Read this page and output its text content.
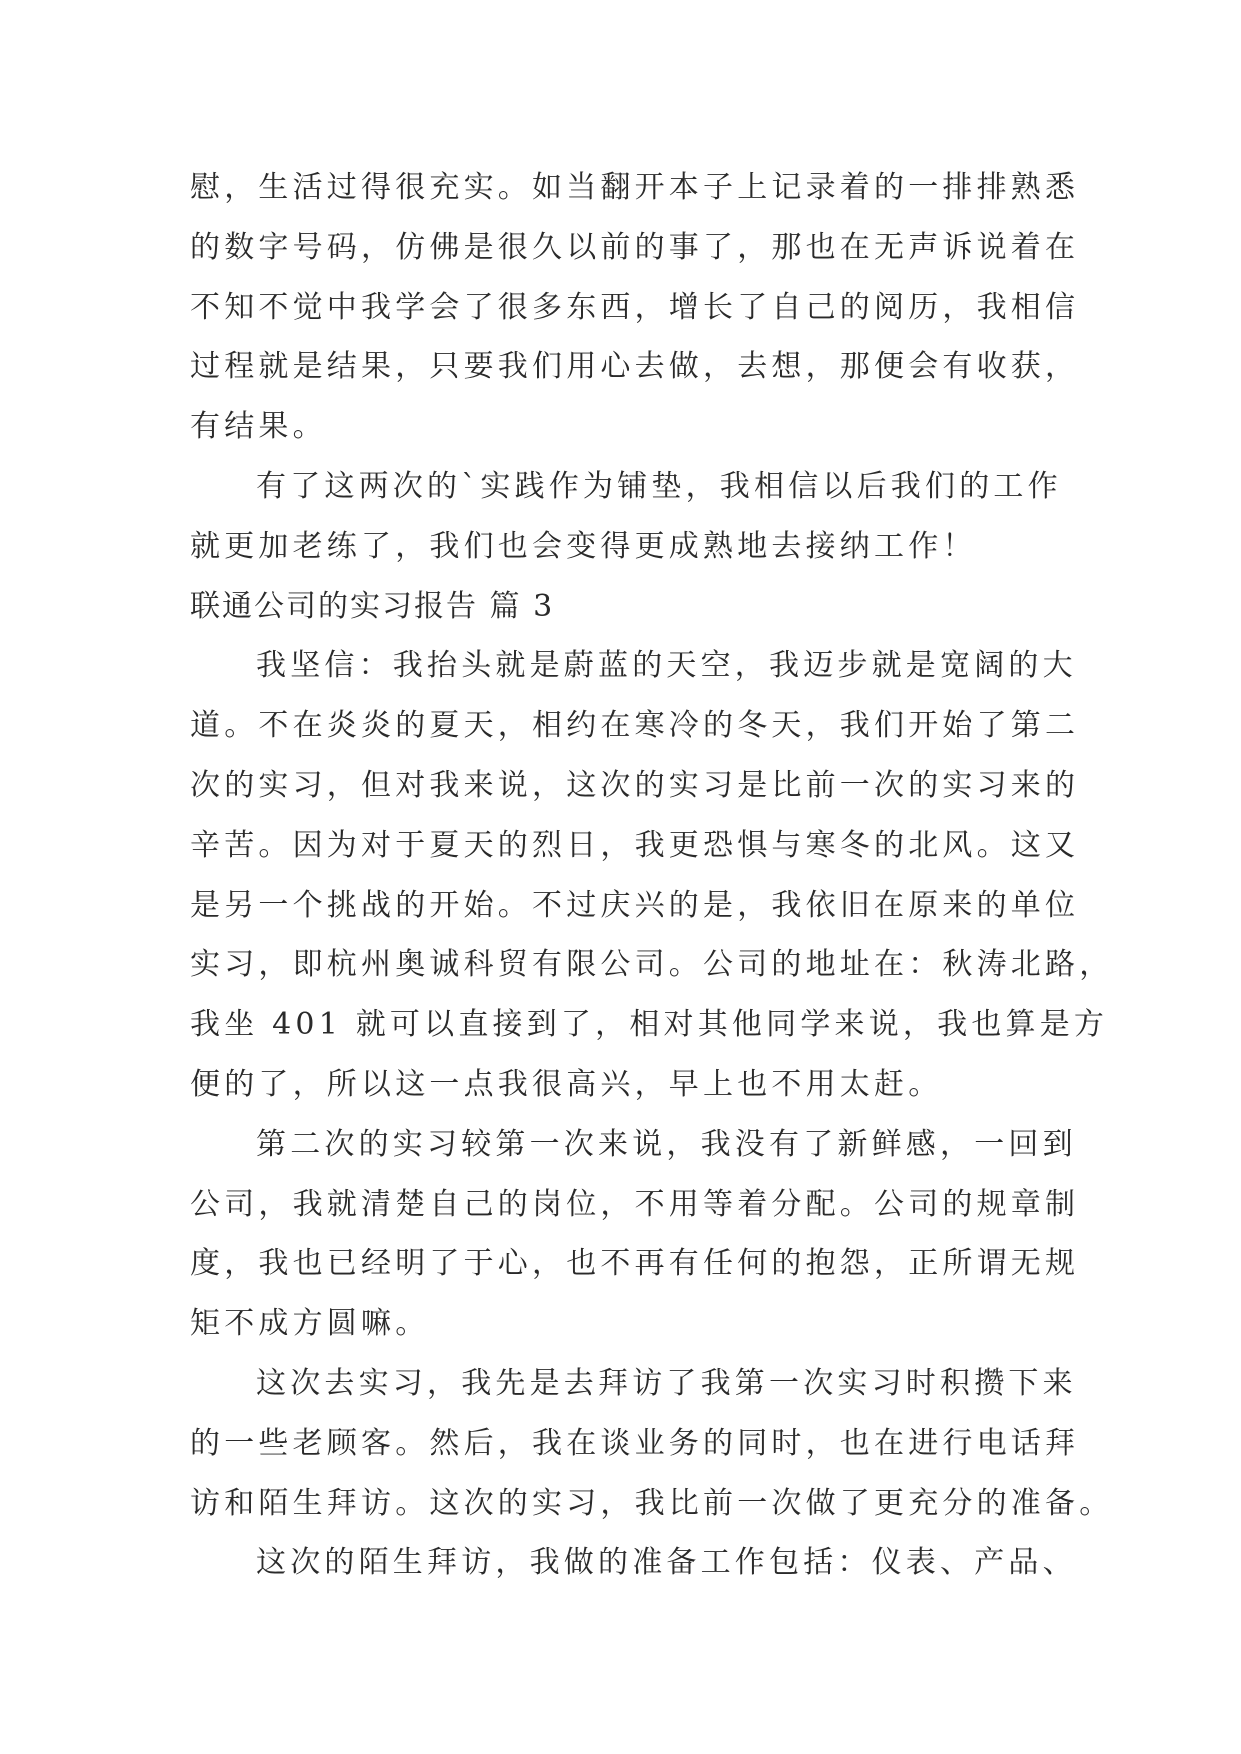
慰，生活过得很充实。如当翻开本子上记录着的一排排熟悉
的数字号码，仿佛是很久以前的事了，那也在无声诉说着在
不知不觉中我学会了很多东西，增长了自己的阅历，我相信
过程就是结果，只要我们用心去做，去想，那便会有收获，
有结果。

有了这两次的`实践作为铺垫，我相信以后我们的工作
就更加老练了，我们也会变得更成熟地去接纳工作！

联通公司的实习报告 篇 3

我坚信：我抬头就是蔚蓝的天空，我迈步就是宽阔的大
道。不在炎炎的夏天，相约在寒冷的冬天，我们开始了第二
次的实习，但对我来说，这次的实习是比前一次的实习来的
辛苦。因为对于夏天的烈日，我更恐惧与寒冬的北风。这又
是另一个挑战的开始。不过庆兴的是，我依旧在原来的单位
实习，即杭州奥诚科贸有限公司。公司的地址在：秋涛北路，
我坐 401 就可以直接到了，相对其他同学来说，我也算是方
便的了，所以这一点我很高兴，早上也不用太赶。

第二次的实习较第一次来说，我没有了新鲜感，一回到
公司，我就清楚自己的岗位，不用等着分配。公司的规章制
度，我也已经明了于心，也不再有任何的抱怨，正所谓无规
矩不成方圆嘛。

这次去实习，我先是去拜访了我第一次实习时积攒下来
的一些老顾客。然后，我在谈业务的同时，也在进行电话拜
访和陌生拜访。这次的实习，我比前一次做了更充分的准备。

这次的陌生拜访，我做的准备工作包括：仪表、产品、
